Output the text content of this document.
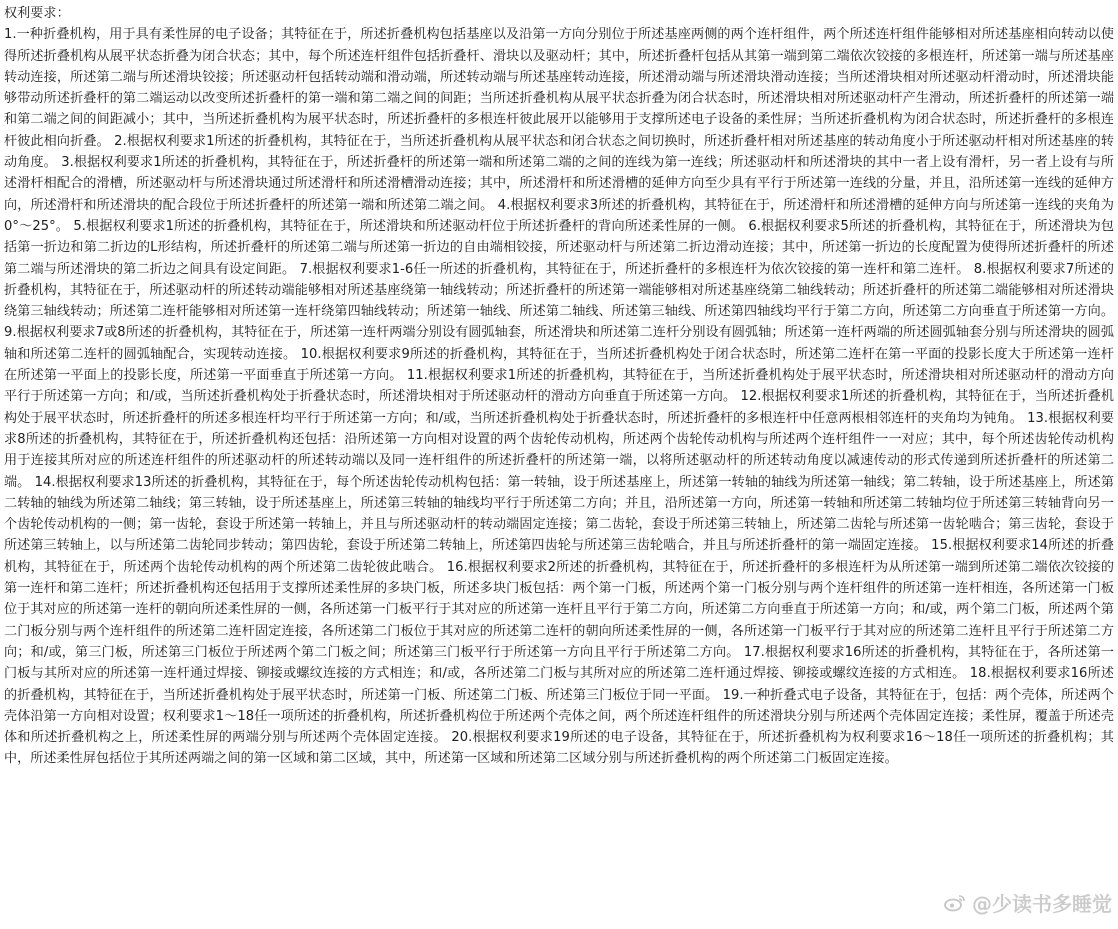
权利要求：
1.一种折叠机构，用于具有柔性屏的电子设备；其特征在于，所述折叠机构包括基座以及沿第一方向分别位于所述基座两侧的两个连杆组件，两个所述连杆组件能够相对所述基座相向转动以使得所述折叠机构从展平状态折叠为闭合状态；其中，每个所述连杆组件包括折叠杆、滑块以及驱动杆；其中，所述折叠杆包括从其第一端到第二端依次铰接的多根连杆，所述第一端与所述基座转动连接，所述第二端与所述滑块铰接；所述驱动杆包括转动端和滑动端，所述转动端与所述基座转动连接，所述滑动端与所述滑块滑动连接；当所述滑块相对所述驱动杆滑动时，所述滑块能够带动所述折叠杆的第二端运动以改变所述折叠杆的第一端和第二端之间的间距；当所述折叠机构从展平状态折叠为闭合状态时，所述滑块相对所述驱动杆产生滑动，所述折叠杆的所述第一端和第二端之间的间距减小；其中，当所述折叠机构为展平状态时，所述折叠杆的多根连杆彼此展开以能够用于支撑所述电子设备的柔性屏；当所述折叠机构为闭合状态时，所述折叠杆的多根连杆彼此相向折叠。 2.根据权利要求1所述的折叠机构，其特征在于，当所述折叠机构从展平状态和闭合状态之间切换时，所述折叠杆相对所述基座的转动角度小于所述驱动杆相对所述基座的转动角度。 3.根据权利要求1所述的折叠机构，其特征在于，所述折叠杆的所述第一端和所述第二端的之间的连线为第一连线；所述驱动杆和所述滑块的其中一者上设有滑杆，另一者上设有与所述滑杆相配合的滑槽，所述驱动杆与所述滑块通过所述滑杆和所述滑槽滑动连接；其中，所述滑杆和所述滑槽的延伸方向至少具有平行于所述第一连线的分量，并且，沿所述第一连线的延伸方向，所述滑杆和所述滑块的配合段位于所述折叠杆的所述第一端和所述第二端之间。 4.根据权利要求3所述的折叠机构，其特征在于，所述滑杆和所述滑槽的延伸方向与所述第一连线的夹角为0°～25°。 5.根据权利要求1所述的折叠机构，其特征在于，所述滑块和所述驱动杆位于所述折叠杆的背向所述柔性屏的一侧。 6.根据权利要求5所述的折叠机构，其特征在于，所述滑块为包括第一折边和第二折边的L形结构，所述折叠杆的所述第二端与所述第一折边的自由端相铰接，所述驱动杆与所述第二折边滑动连接；其中，所述第一折边的长度配置为使得所述折叠杆的所述第二端与所述滑块的第二折边之间具有设定间距。 7.根据权利要求1-6任一所述的折叠机构，其特征在于，所述折叠杆的多根连杆为依次铰接的第一连杆和第二连杆。 8.根据权利要求7所述的折叠机构，其特征在于，所述驱动杆的所述转动端能够相对所述基座绕第一轴线转动；所述折叠杆的所述第一端能够相对所述基座绕第二轴线转动；所述折叠杆的所述第二端能够相对所述滑块绕第三轴线转动；所述第二连杆能够相对所述第一连杆绕第四轴线转动；所述第一轴线、所述第二轴线、所述第三轴线、所述第四轴线均平行于第二方向，所述第二方向垂直于所述第一方向。 9.根据权利要求7或8所述的折叠机构，其特征在于，所述第一连杆两端分别设有圆弧轴套，所述滑块和所述第二连杆分别设有圆弧轴；所述第一连杆两端的所述圆弧轴套分别与所述滑块的圆弧轴和所述第二连杆的圆弧轴配合，实现转动连接。 10.根据权利要求9所述的折叠机构，其特征在于，当所述折叠机构处于闭合状态时，所述第二连杆在第一平面的投影长度大于所述第一连杆在所述第一平面上的投影长度，所述第一平面垂直于所述第一方向。 11.根据权利要求1所述的折叠机构，其特征在于，当所述折叠机构处于展平状态时，所述滑块相对所述驱动杆的滑动方向平行于所述第一方向；和/或，当所述折叠机构处于折叠状态时，所述滑块相对于所述驱动杆的滑动方向垂直于所述第一方向。 12.根据权利要求1所述的折叠机构，其特征在于，当所述折叠机构处于展平状态时，所述折叠杆的所述多根连杆均平行于所述第一方向；和/或，当所述折叠机构处于折叠状态时，所述折叠杆的多根连杆中任意两根相邻连杆的夹角均为钝角。 13.根据权利要求8所述的折叠机构，其特征在于，所述折叠机构还包括：沿所述第一方向相对设置的两个齿轮传动机构，所述两个齿轮传动机构与所述两个连杆组件一一对应；其中，每个所述齿轮传动机构用于连接其所对应的所述连杆组件的所述驱动杆的所述转动端以及同一连杆组件的所述折叠杆的所述第一端，以将所述驱动杆的所述转动角度以减速传动的形式传递到所述折叠杆的所述第二端。 14.根据权利要求13所述的折叠机构，其特征在于，每个所述齿轮传动机构包括：第一转轴，设于所述基座上，所述第一转轴的轴线为所述第一轴线；第二转轴，设于所述基座上，所述第二转轴的轴线为所述第二轴线；第三转轴，设于所述基座上，所述第三转轴的轴线均平行于所述第二方向；并且，沿所述第一方向，所述第一转轴和所述第二转轴均位于所述第三转轴背向另一个齿轮传动机构的一侧；第一齿轮，套设于所述第一转轴上，并且与所述驱动杆的转动端固定连接；第二齿轮，套设于所述第三转轴上，所述第二齿轮与所述第一齿轮啮合；第三齿轮，套设于所述第三转轴上，以与所述第二齿轮同步转动；第四齿轮，套设于所述第二转轴上，所述第四齿轮与所述第三齿轮啮合，并且与所述折叠杆的第一端固定连接。 15.根据权利要求14所述的折叠机构，其特征在于，所述两个齿轮传动机构的两个所述第二齿轮彼此啮合。 16.根据权利要求2所述的折叠机构，其特征在于，所述折叠杆的多根连杆为从所述第一端到所述第二端依次铰接的第一连杆和第二连杆；所述折叠机构还包括用于支撑所述柔性屏的多块门板，所述多块门板包括：两个第一门板，所述两个第一门板分别与两个连杆组件的所述第一连杆相连，各所述第一门板位于其对应的所述第一连杆的朝向所述柔性屏的一侧，各所述第一门板平行于其对应的所述第一连杆且平行于第二方向，所述第二方向垂直于所述第一方向；和/或，两个第二门板，所述两个第二门板分别与两个连杆组件的所述第二连杆固定连接，各所述第二门板位于其对应的所述第二连杆的朝向所述柔性屏的一侧，各所述第一门板平行于其对应的所述第二连杆且平行于所述第二方向；和/或，第三门板，所述第三门板位于所述两个第二门板之间；所述第三门板平行于所述第一方向且平行于所述第二方向。 17.根据权利要求16所述的折叠机构，其特征在于，各所述第一门板与其所对应的所述第一连杆通过焊接、铆接或螺纹连接的方式相连；和/或，各所述第二门板与其所对应的所述第二连杆通过焊接、铆接或螺纹连接的方式相连。 18.根据权利要求16所述的折叠机构，其特征在于，当所述折叠机构处于展平状态时，所述第一门板、所述第二门板、所述第三门板位于同一平面。 19.一种折叠式电子设备，其特征在于，包括：两个壳体，所述两个壳体沿第一方向相对设置；权利要求1～18任一项所述的折叠机构，所述折叠机构位于所述两个壳体之间，两个所述连杆组件的所述滑块分别与所述两个壳体固定连接；柔性屏，覆盖于所述壳体和所述折叠机构之上，所述柔性屏的两端分别与所述两个壳体固定连接。 20.根据权利要求19所述的电子设备，其特征在于，所述折叠机构为权利要求16～18任一项所述的折叠机构；其中，所述柔性屏包括位于其所述两端之间的第一区域和第二区域，其中，所述第一区域和所述第二区域分别与所述折叠机构的两个所述第二门板固定连接。
@少读书多睡觉
